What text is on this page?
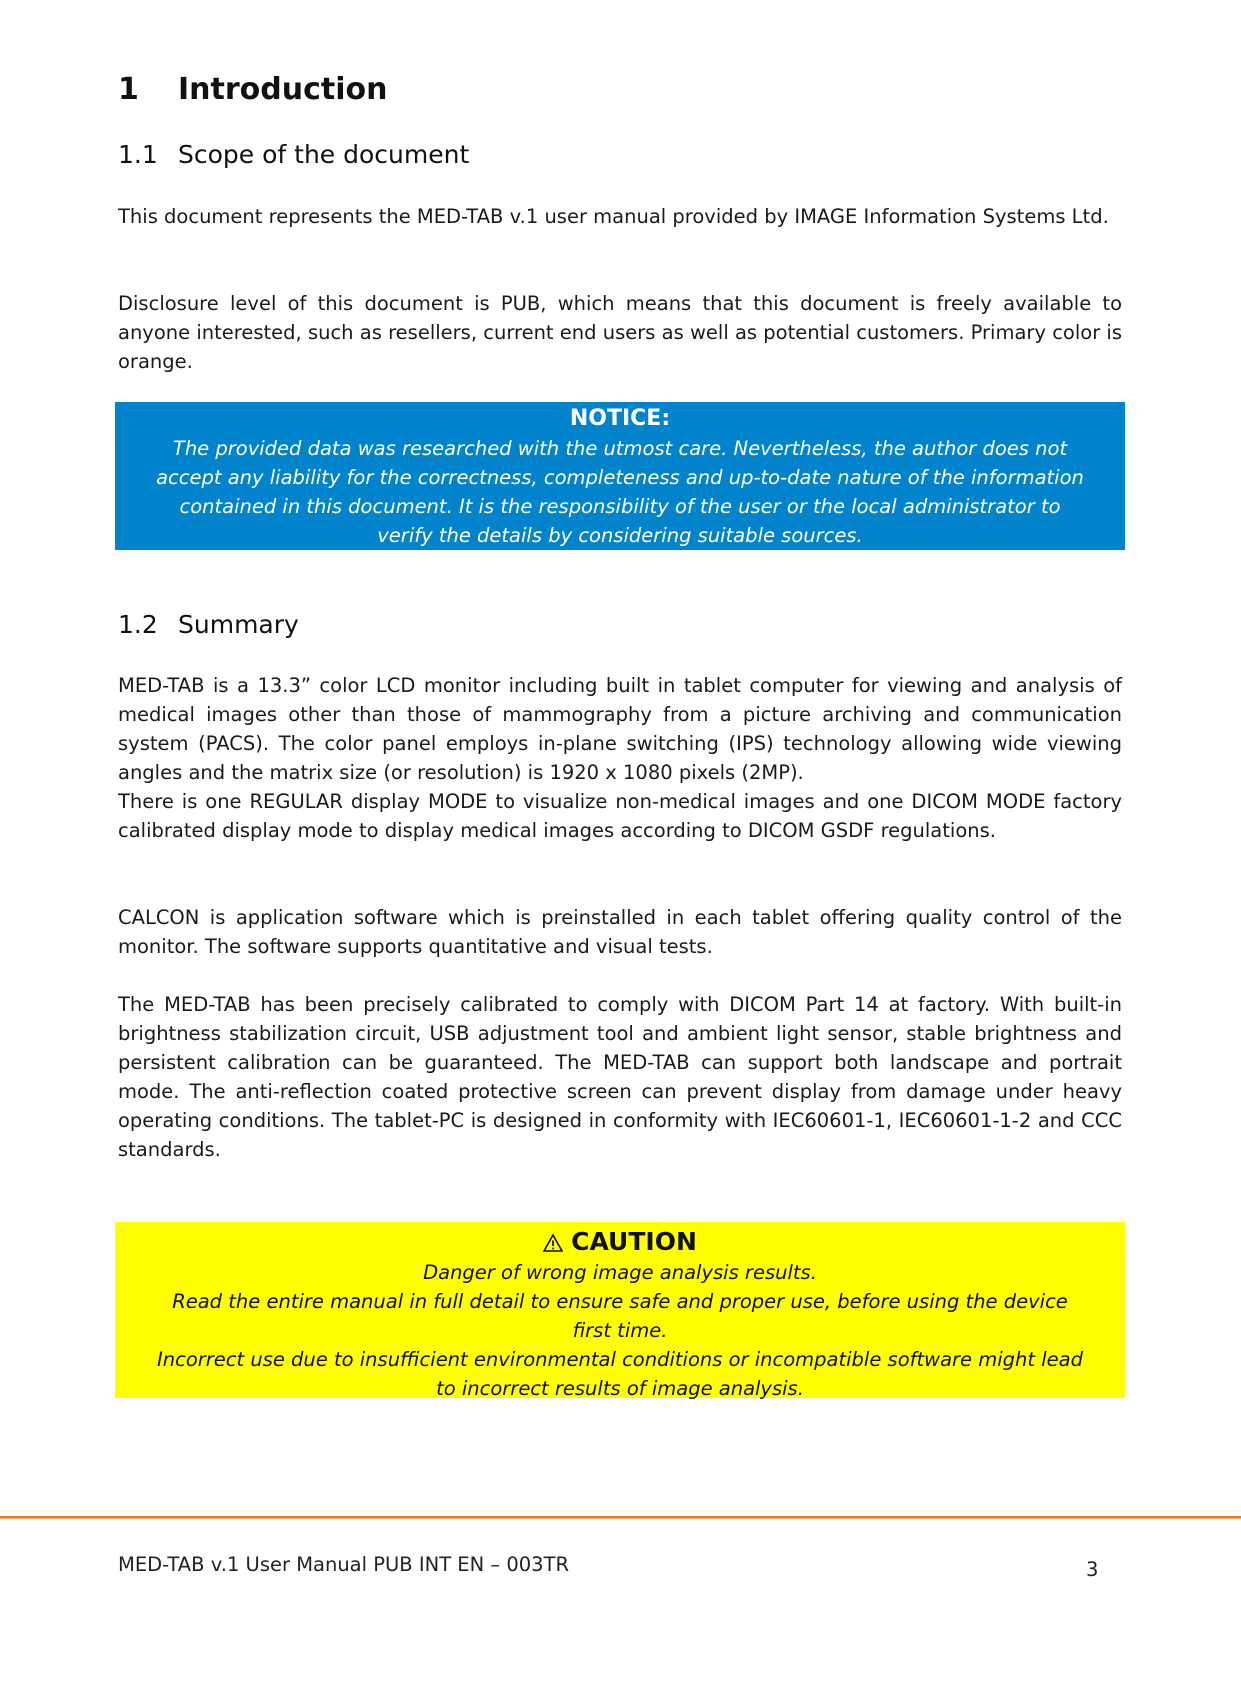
1 Introduction
1.1 Scope of the document

This document represents the MED-TAB v.1 user manual provided by IMAGE Information Systems Ltd.

Disclosure level of this document is PUB, which means that this document is freely available to anyone interested, such as resellers, current end users as well as potential customers. Primary color is orange.

NOTICE:
The provided data was researched with the utmost care. Nevertheless, the author does not
accept any liability for the correctness, completeness and up-to-date nature of the information
contained in this document. It is the responsibility of the user or the local administrator to
verify the details by considering suitable sources.
1.2 Summary

MED-TAB is a 13.3” color LCD monitor including built in tablet computer for viewing and analysis of medical images other than those of mammography from a picture archiving and communication system (PACS). The color panel employs in-plane switching (IPS) technology allowing wide viewing angles and the matrix size (or resolution) is 1920 x 1080 pixels (2MP).

There is one REGULAR display MODE to visualize non-medical images and one DICOM MODE factory calibrated display mode to display medical images according to DICOM GSDF regulations.

CALCON is application software which is preinstalled in each tablet offering quality control of the monitor. The software supports quantitative and visual tests.

The MED-TAB has been precisely calibrated to comply with DICOM Part 14 at factory. With built-in brightness stabilization circuit, USB adjustment tool and ambient light sensor, stable brightness and persistent calibration can be guaranteed. The MED-TAB can support both landscape and portrait mode. The anti-reflection coated protective screen can prevent display from damage under heavy operating conditions. The tablet-PC is designed in conformity with IEC60601-1, IEC60601-1-2 and CCC standards.

CAUTION
Danger of wrong image analysis results.
Read the entire manual in full detail to ensure safe and proper use, before using the device
first time.
Incorrect use due to insufficient environmental conditions or incompatible software might lead
to incorrect results of image analysis.
MED-TAB v.1 User Manual PUB INT EN – 003TR	3
